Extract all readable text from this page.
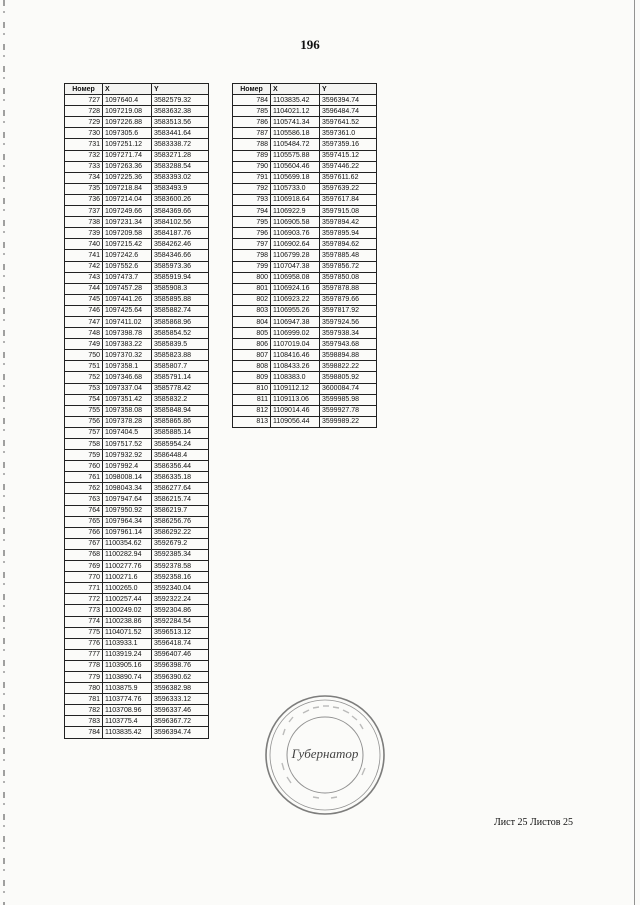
196
Номер	X	Y
727	1097640.4	3582579.32
728	1097219.08	3583632.38
729	1097226.88	3583513.56
730	1097305.6	3583441.64
731	1097251.12	3583338.72
732	1097271.74	3583271.28
733	1097263.36	3583288.54
734	1097225.36	3583393.02
735	1097218.84	3583493.9
736	1097214.04	3583600.26
737	1097249.66	3584369.66
738	1097231.34	3584102.56
739	1097209.58	3584187.76
740	1097215.42	3584262.46
741	1097242.6	3584346.66
742	1097552.6	3585973.36
743	1097473.7	3585919.94
744	1097457.28	3585908.3
745	1097441.26	3585895.88
746	1097425.64	3585882.74
747	1097411.02	3585868.96
748	1097398.78	3585854.52
749	1097383.22	3585839.5
750	1097370.32	3585823.88
751	1097358.1	3585807.7
752	1097346.68	3585791.14
753	1097337.04	3585778.42
754	1097351.42	3585832.2
755	1097358.08	3585848.94
756	1097378.28	3585865.86
757	1097404.5	3585885.14
758	1097517.52	3585954.24
759	1097932.92	3586448.4
760	1097992.4	3586356.44
761	1098008.14	3586335.18
762	1098043.34	3586277.64
763	1097947.64	3586215.74
764	1097950.92	3586219.7
765	1097964.34	3586256.76
766	1097961.14	3586292.22
767	1100354.62	3592679.2
768	1100282.94	3592385.34
769	1100277.76	3592378.58
770	1100271.6	3592358.16
771	1100265.0	3592340.04
772	1100257.44	3592322.24
773	1100249.02	3592304.86
774	1100238.86	3592284.54
775	1104071.52	3596513.12
776	1103933.1	3596418.74
777	1103919.24	3596407.46
778	1103905.16	3596398.76
779	1103890.74	3596390.62
780	1103875.9	3596382.98
781	1103774.76	3596333.12
782	1103708.96	3596337.46
783	1103775.4	3596367.72
784	1103835.42	3596394.74
Номер	X	Y
784	1103835.42	3596394.74
785	1104021.12	3596484.74
786	1105741.34	3597641.52
787	1105586.18	3597361.0
788	1105484.72	3597359.16
789	1105575.88	3597415.12
790	1105604.46	3597446.22
791	1105699.18	3597611.62
792	1105733.0	3597639.22
793	1106918.64	3597617.84
794	1106922.9	3597915.08
795	1106905.58	3597894.42
796	1106903.76	3597895.94
797	1106902.64	3597894.62
798	1106799.28	3597885.48
799	1107047.38	3597856.72
800	1106958.08	3597850.08
801	1106924.16	3597878.88
802	1106923.22	3597879.66
803	1106955.26	3597817.92
804	1106947.38	3597924.56
805	1106999.02	3597938.34
806	1107019.04	3597943.68
807	1108416.46	3598894.88
808	1108433.26	3598822.22
809	1108383.0	3598805.92
810	1109112.12	3600084.74
811	1109113.06	3599985.98
812	1109014.46	3599927.78
813	1109056.44	3599989.22
Губернатор
Лист 25 Листов 25
